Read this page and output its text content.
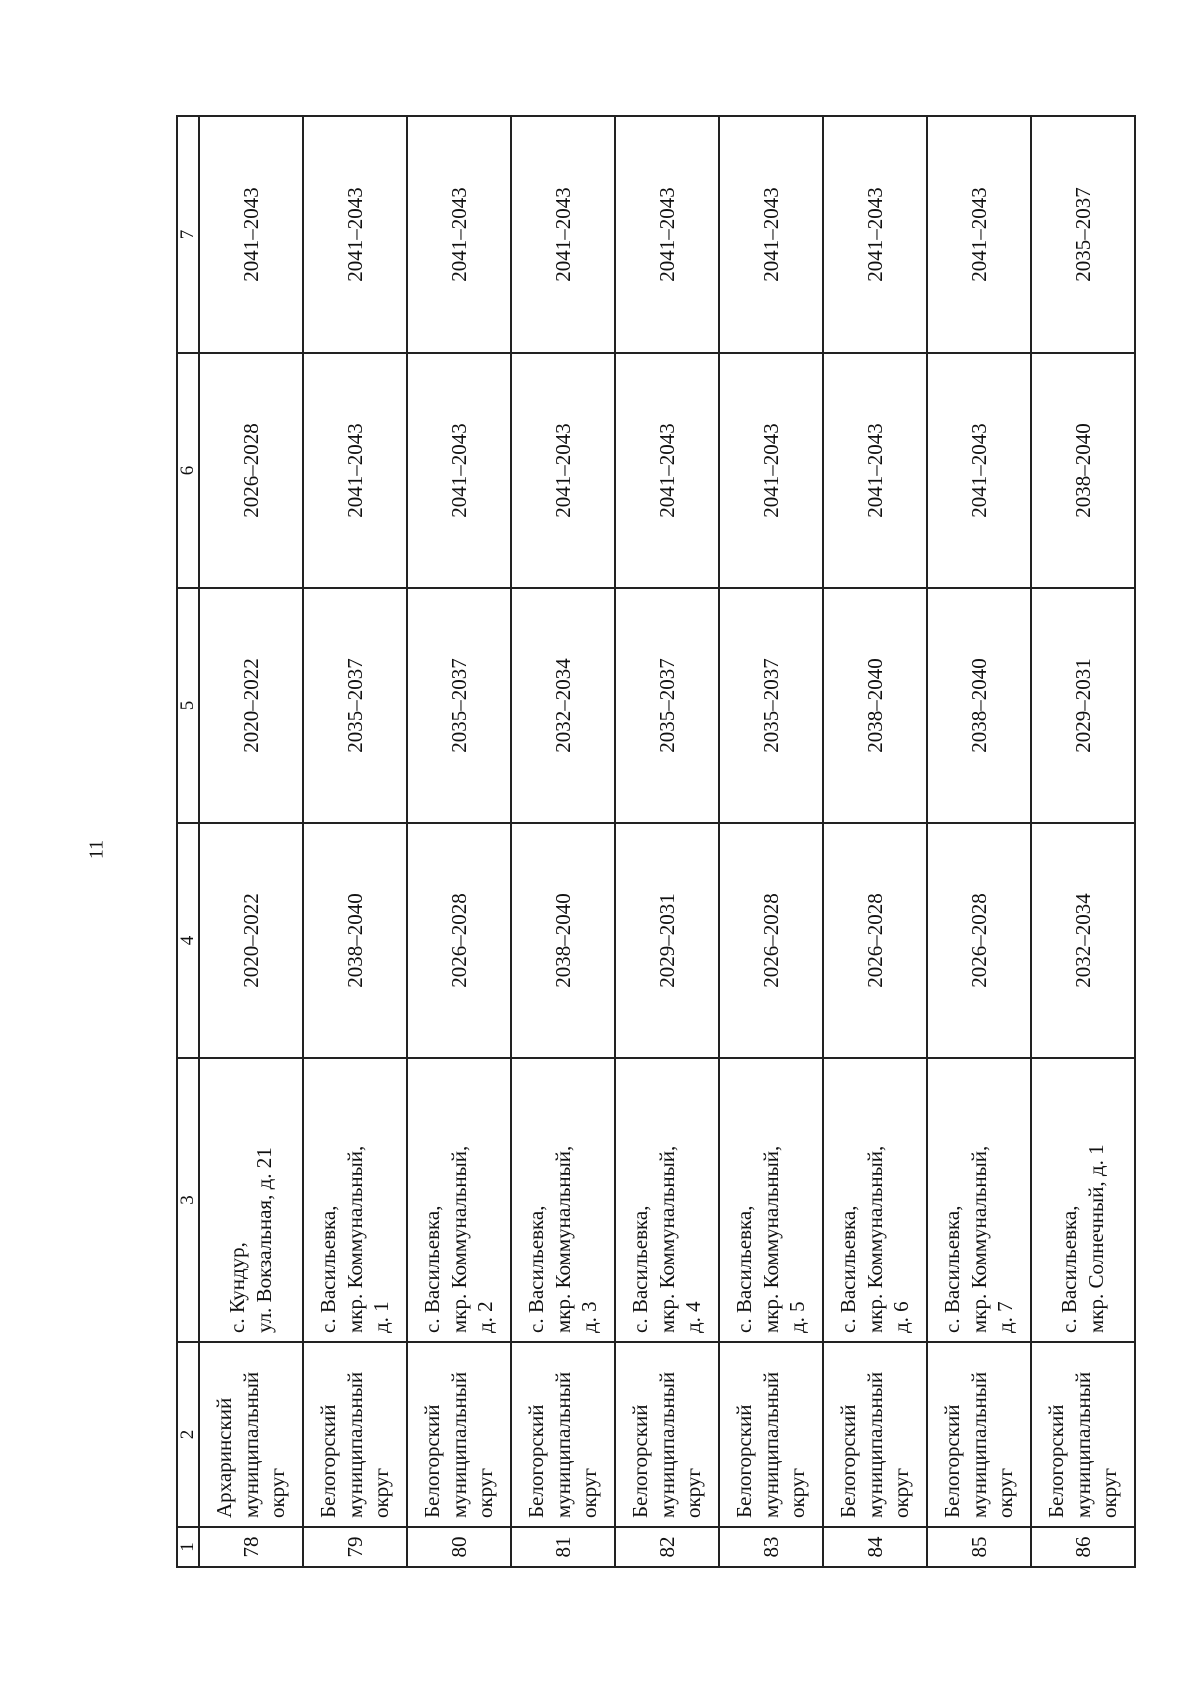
11
1	2	3	4	5	6	7
78	Архаринский муниципальный округ	с. Кундур, ул. Вокзальная, д. 21	2020–2022	2020–2022	2026–2028	2041–2043
79	Белогорский муниципальный округ	с. Васильевка, мкр. Коммунальный, д. 1	2038–2040	2035–2037	2041–2043	2041–2043
80	Белогорский муниципальный округ	с. Васильевка, мкр. Коммунальный, д. 2	2026–2028	2035–2037	2041–2043	2041–2043
81	Белогорский муниципальный округ	с. Васильевка, мкр. Коммунальный, д. 3	2038–2040	2032–2034	2041–2043	2041–2043
82	Белогорский муниципальный округ	с. Васильевка, мкр. Коммунальный, д. 4	2029–2031	2035–2037	2041–2043	2041–2043
83	Белогорский муниципальный округ	с. Васильевка, мкр. Коммунальный, д. 5	2026–2028	2035–2037	2041–2043	2041–2043
84	Белогорский муниципальный округ	с. Васильевка, мкр. Коммунальный, д. 6	2026–2028	2038–2040	2041–2043	2041–2043
85	Белогорский муниципальный округ	с. Васильевка, мкр. Коммунальный, д. 7	2026–2028	2038–2040	2041–2043	2041–2043
86	Белогорский муниципальный округ	с. Васильевка, мкр. Солнечный, д. 1	2032–2034	2029–2031	2038–2040	2035–2037
